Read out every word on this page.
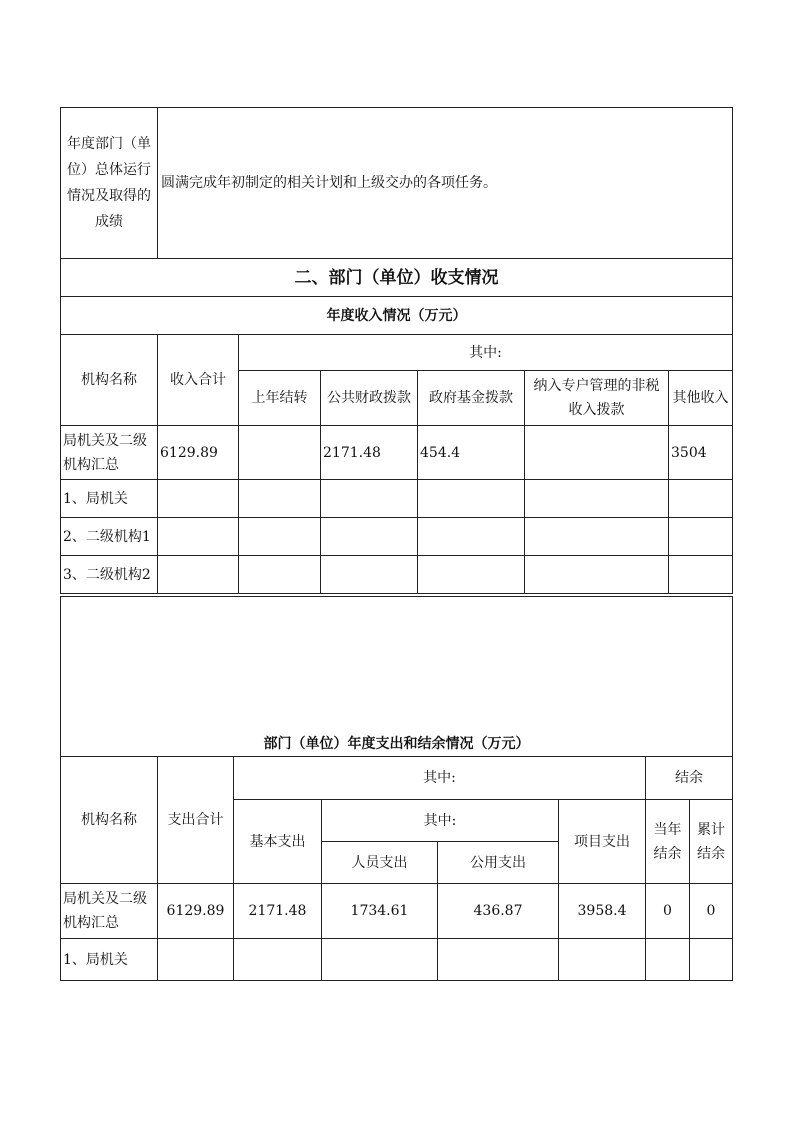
年度部门（单位）总体运行情况及取得的成绩	圆满完成年初制定的相关计划和上级交办的各项任务。					
二、部门（单位）收支情况						
年度收入情况（万元）						
机构名称	收入合计	其中:				
		上年结转	公共财政拨款	政府基金拨款	纳入专户管理的非税收入拨款	其他收入
局机关及二级机构汇总	6129.89		2171.48	454.4		3504
1、局机关						
2、二级机构1						
3、二级机构2						
部门（单位）年度支出和结余情况（万元）							
机构名称	支出合计	其中:				结余	
		基本支出	其中:		项目支出	当年结余	累计结余
			人员支出	公用支出			
局机关及二级机构汇总	6129.89	2171.48	1734.61	436.87	3958.4	0	0
1、局机关							
